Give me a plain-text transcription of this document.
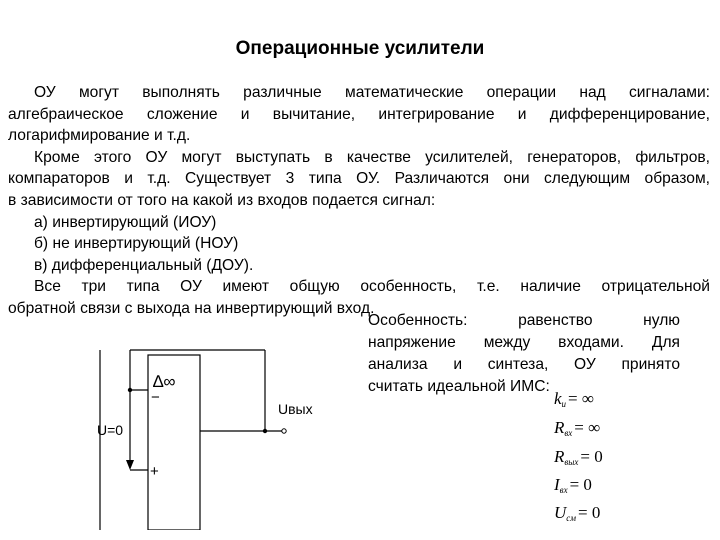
Операционные усилители
ОУ могут выполнять различные математические операции над сигналами:
алгебраическое сложение и вычитание, интегрирование и дифференцирование,
логарифмирование и т.д.
Кроме этого ОУ могут выступать в качестве усилителей, генераторов, фильтров,
компараторов и т.д. Существует 3 типа ОУ. Различаются они следующим образом,
в зависимости от того на какой из входов подается сигнал:
а) инвертирующий (ИОУ)
б) не инвертирующий (НОУ)
в) дифференциальный (ДОУ).
Все три типа ОУ имеют общую особенность, т.е. наличие отрицательной
обратной связи с выхода на инвертирующий вход.
Особенность: равенство нулю
напряжение между входами. Для
анализа и синтеза, ОУ принято
считать идеальной ИМС:
∆∞
−
+
U=0
Uвых
ku = ∞
Rвх = ∞
Rвых = 0
Iвх = 0
Uсм = 0
